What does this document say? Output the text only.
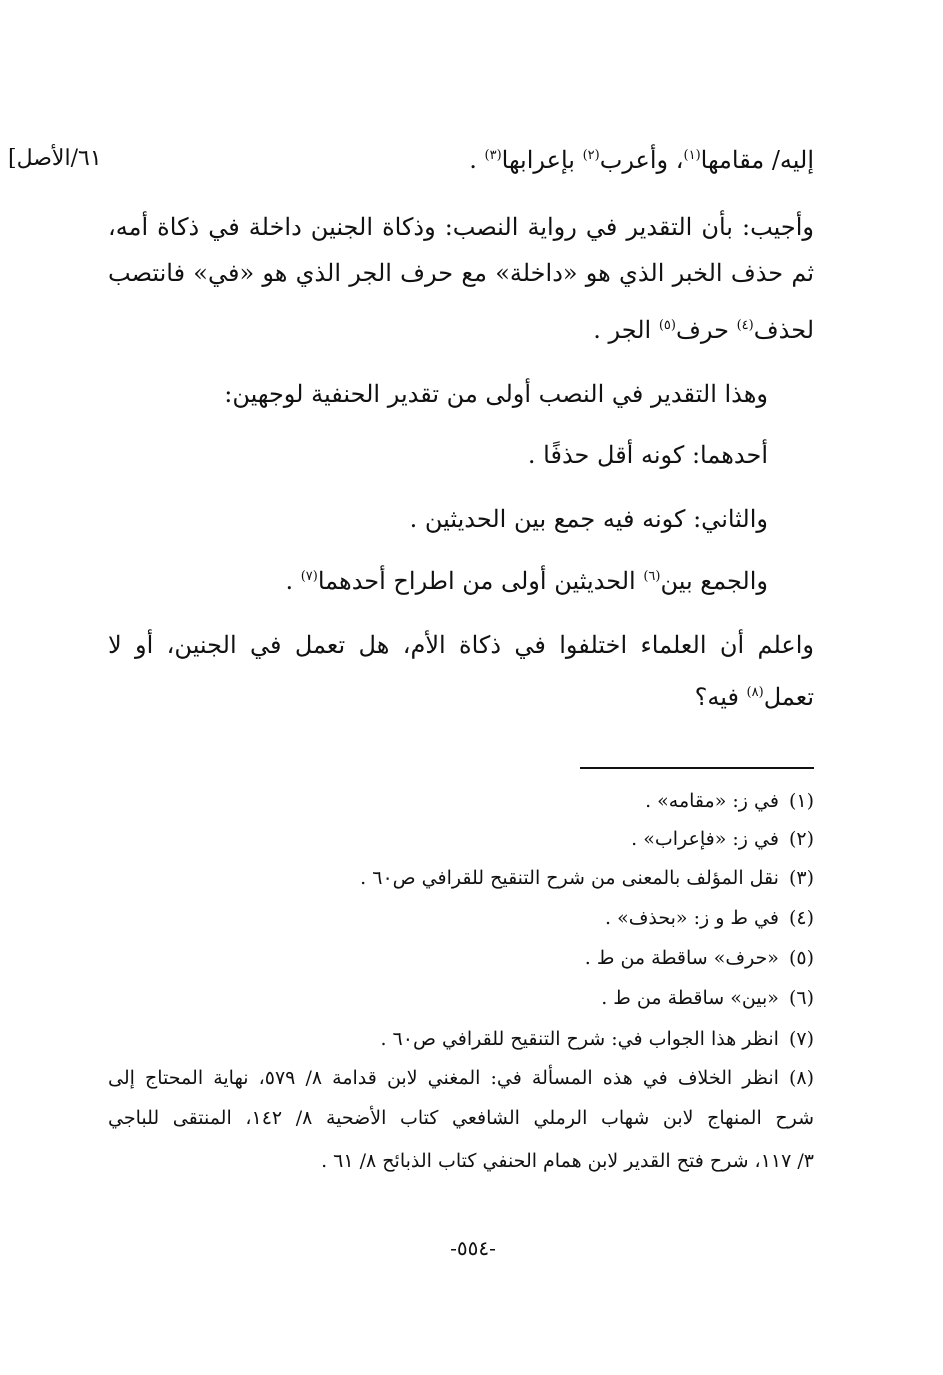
٦١/الأصل]	إليه/ مقامها$^{(١)}$، وأعرب$^{(٢)}$ بإعرابها$^{(٣)}$ .
وأجيب: بأن التقدير في رواية النصب: وذكاة الجنين داخلة في ذكاة أمه،
ثم حذف الخبر الذي هو «داخلة» مع حرف الجر الذي هو «في» فانتصب
لحذف$^{(٤)}$ حرف$^{(٥)}$ الجر .
وهذا التقدير في النصب أولى من تقدير الحنفية لوجهين:
أحدهما: كونه أقل حذفًا .
والثاني: كونه فيه جمع بين الحديثين .
والجمع بين$^{(٦)}$ الحديثين أولى من اطراح أحدهما$^{(٧)}$ .
واعلم أن العلماء اختلفوا في ذكاة الأم، هل تعمل في الجنين، أو لا
تعمل$^{(٨)}$ فيه؟
(١)في ز: «مقامه» .
(٢)في ز: «فإعراب» .
(٣)نقل المؤلف بالمعنى من شرح التنقيح للقرافي ص٦٠ .
(٤)في ط و ز: «بحذف» .
(٥)«حرف» ساقطة من ط .
(٦)«بين» ساقطة من ط .
(٧)انظر هذا الجواب في: شرح التنقيح للقرافي ص٦٠ .
(٨)انظر الخلاف في هذه المسألة في: المغني لابن قدامة ٨/ ٥٧٩، نهاية المحتاج إلى
شرح المنهاج لابن شهاب الرملي الشافعي كتاب الأضحية ٨/ ١٤٢، المنتقى للباجي
٣/ ١١٧، شرح فتح القدير لابن همام الحنفي كتاب الذبائح ٨/ ٦١ .
-٥٥٤-
